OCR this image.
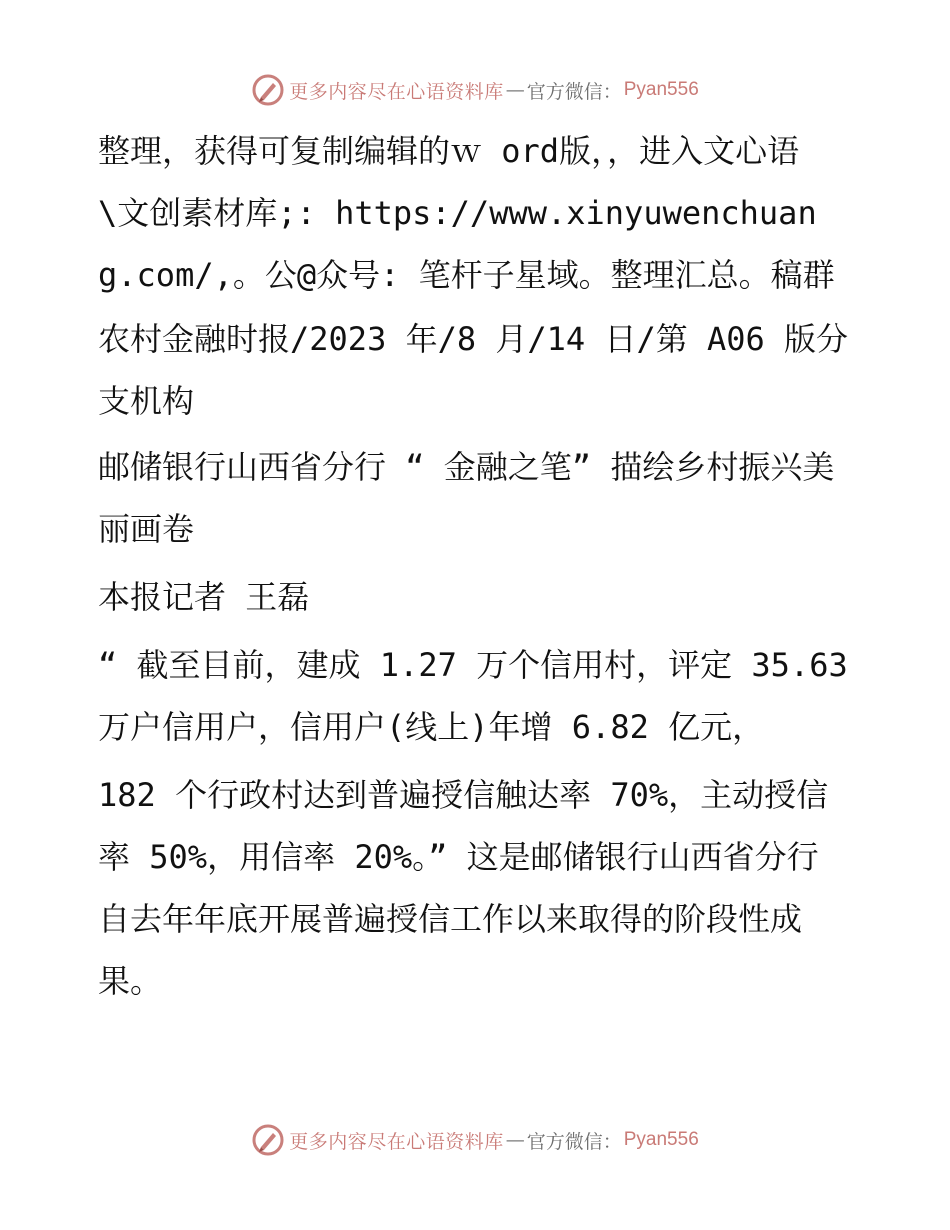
更多内容尽在心语资料库 — 官方微信： Pyan556

整理，获得可复制编辑的ｗ ord版，，进入文心语\文创素材库;: https://www.xinyuwenchuang.com/,。公@众号: 笔杆子星域。整理汇总。稿群

农村金融时报/2023 年/8 月/14 日/第 A06 版分支机构

邮储银行山西省分行 “ 金融之笔” 描绘乡村振兴美丽画卷

本报记者 王磊

“ 截至目前，建成 1.27 万个信用村，评定 35.63 万户信用户，信用户(线上)年增 6.82 亿元，

182 个行政村达到普遍授信触达率 70%，主动授信率 50%，用信率 20%。” 这是邮储银行山西省分行自去年年底开展普遍授信工作以来取得的阶段性成果。

更多内容尽在心语资料库 — 官方微信： Pyan556
